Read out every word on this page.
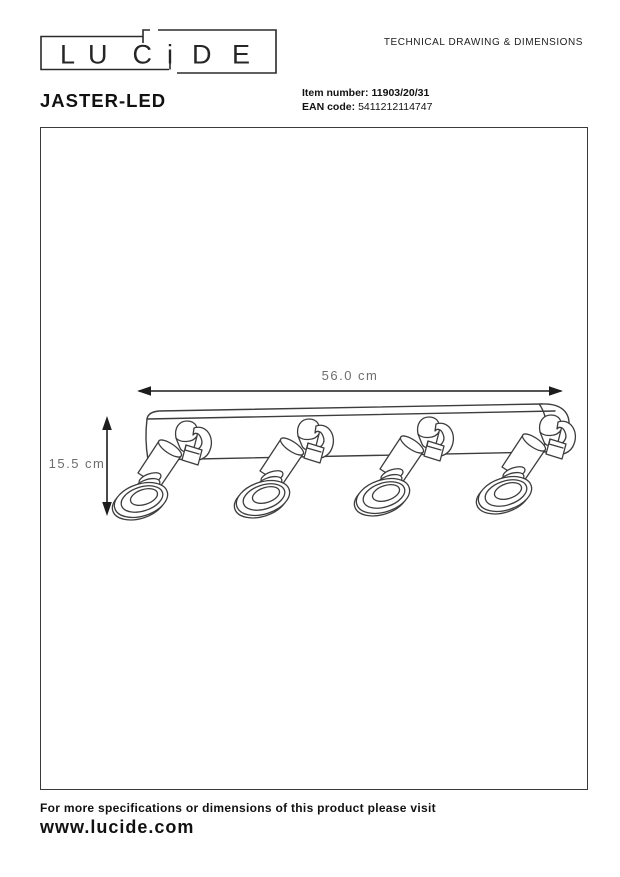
L U C i D E	TECHNICAL DRAWING & DIMENSIONS
JASTER-LED	Item number: 11903/20/31
EAN code: 5411212114747
56.0 cm
15.5 cm
For more specifications or dimensions of this product please visit
www.lucide.com
